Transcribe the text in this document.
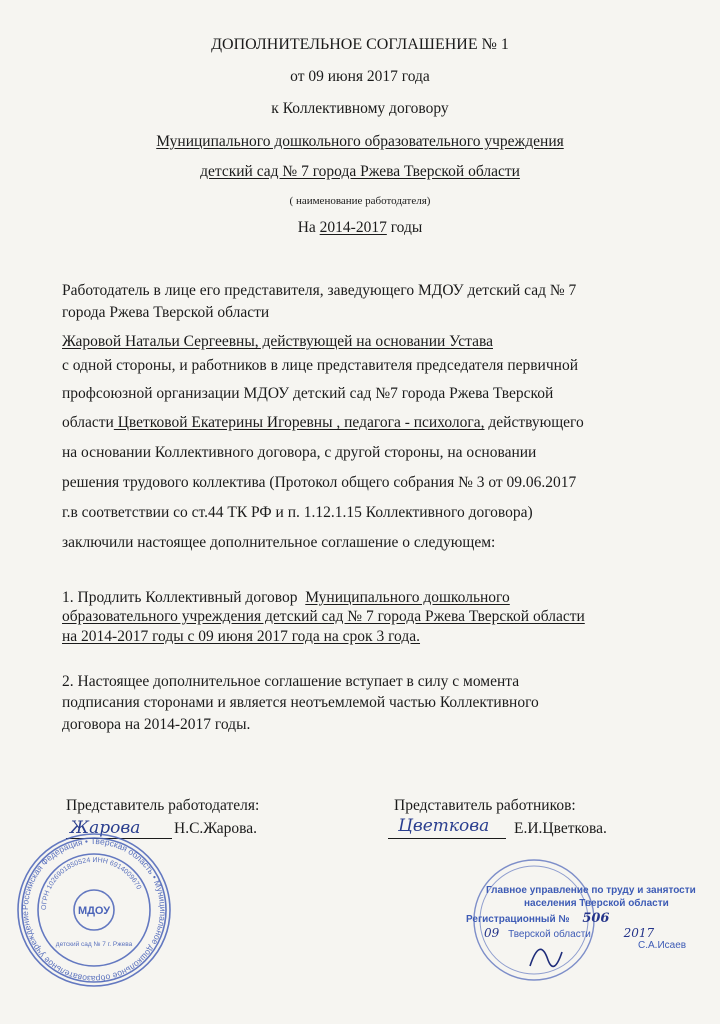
ДОПОЛНИТЕЛЬНОЕ СОГЛАШЕНИЕ № 1
от 09 июня 2017 года
к Коллективному договору
Муниципального дошкольного образовательного учреждения
детский сад № 7 города Ржева Тверской области
( наименование работодателя)
На 2014-2017 годы
Работодатель в лице его представителя, заведующего МДОУ детский сад № 7
города Ржева Тверской области
Жаровой Натальи Сергеевны, действующей на основании Устава
с одной стороны, и работников в лице представителя председателя первичной
профсоюзной организации МДОУ детский сад №7 города Ржева Тверской
области Цветковой Екатерины Игоревны , педагога - психолога, действующего
на основании Коллективного договора, с другой стороны, на основании
решения трудового коллектива (Протокол общего собрания № 3 от 09.06.2017
г.в соответствии со ст.44 ТК РФ и п. 1.12.1.15 Коллективного договора)
заключили настоящее дополнительное соглашение о следующем:
1. Продлить Коллективный договор Муниципального дошкольного
образовательного учреждения детский сад № 7 города Ржева Тверской области
на 2014-2017 годы с 09 июня 2017 года на срок 3 года.
2. Настоящее дополнительное соглашение вступает в силу с момента
подписания сторонами и является неотъемлемой частью Коллективного
договора на 2014-2017 годы.
Представитель работодателя:
Жарова Н.С.Жарова.
Представитель работников:
Цветкова Е.И.Цветкова.
Российская Федерация • Тверская область • Муниципальное дошкольное образовательное учреждение
ОГРН 1026901850524 ИНН 6914009670
детский сад № 7 г. Ржева
МДОУ
Главное управление по труду и занятости
населения Тверской области
Регистрационный № 506
09 Тверской области	2017
С.А.Исаев
